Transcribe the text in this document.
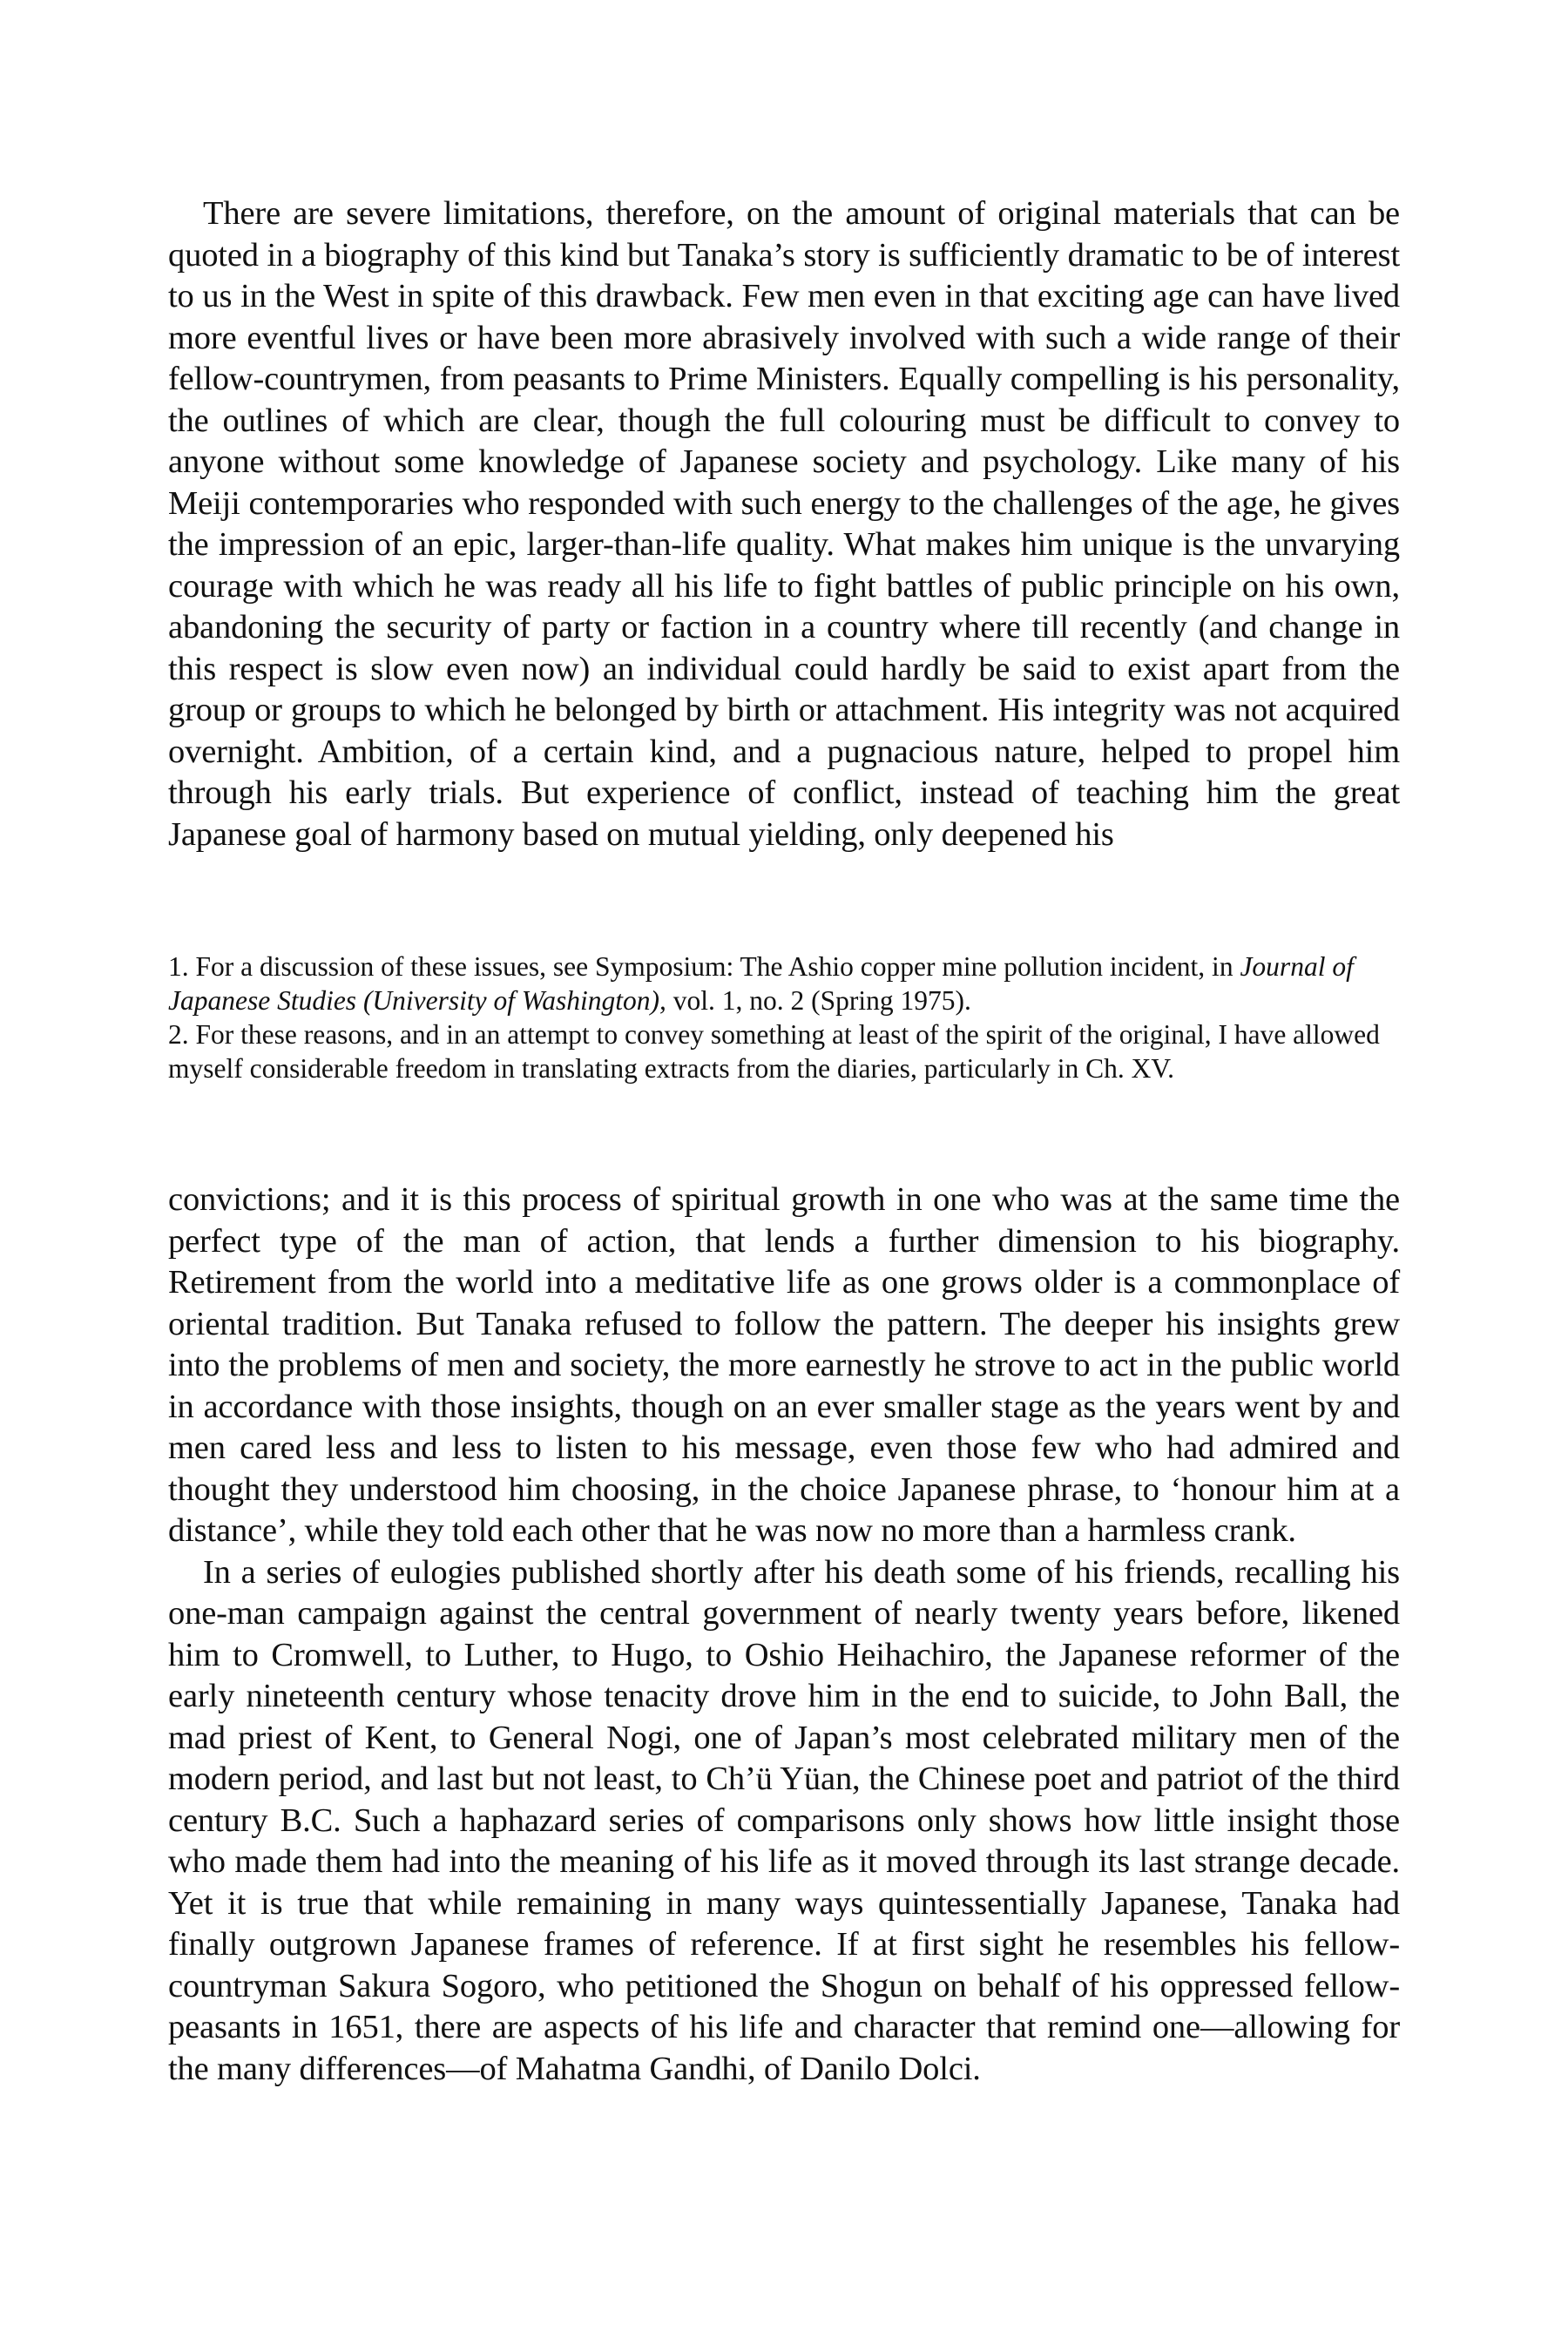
There are severe limitations, therefore, on the amount of original materials that can be quoted in a biography of this kind but Tanaka’s story is sufficiently dramatic to be of interest to us in the West in spite of this drawback. Few men even in that exciting age can have lived more eventful lives or have been more abrasively involved with such a wide range of their fellow-countrymen, from peasants to Prime Ministers. Equally compelling is his personality, the outlines of which are clear, though the full colouring must be difficult to convey to anyone without some knowledge of Japanese society and psychology. Like many of his Meiji contemporaries who responded with such energy to the challenges of the age, he gives the impression of an epic, larger-than-life quality. What makes him unique is the unvarying courage with which he was ready all his life to fight battles of public principle on his own, abandoning the security of party or faction in a country where till recently (and change in this respect is slow even now) an individual could hardly be said to exist apart from the group or groups to which he belonged by birth or attachment. His integrity was not acquired overnight. Ambition, of a certain kind, and a pugnacious nature, helped to propel him through his early trials. But experience of conflict, instead of teaching him the great Japanese goal of harmony based on mutual yielding, only deepened his

1. For a discussion of these issues, see Symposium: The Ashio copper mine pollution incident, in Journal of Japanese Studies (University of Washington), vol. 1, no. 2 (Spring 1975).

2. For these reasons, and in an attempt to convey something at least of the spirit of the original, I have allowed myself considerable freedom in translating extracts from the diaries, particularly in Ch. XV.

convictions; and it is this process of spiritual growth in one who was at the same time the perfect type of the man of action, that lends a further dimension to his biography. Retirement from the world into a meditative life as one grows older is a commonplace of oriental tradition. But Tanaka refused to follow the pattern. The deeper his insights grew into the problems of men and society, the more earnestly he strove to act in the public world in accordance with those insights, though on an ever smaller stage as the years went by and men cared less and less to listen to his message, even those few who had admired and thought they understood him choosing, in the choice Japanese phrase, to ‘honour him at a distance’, while they told each other that he was now no more than a harmless crank.

In a series of eulogies published shortly after his death some of his friends, recalling his one-man campaign against the central government of nearly twenty years before, likened him to Cromwell, to Luther, to Hugo, to Oshio Heihachiro, the Japanese reformer of the early nineteenth century whose tenacity drove him in the end to suicide, to John Ball, the mad priest of Kent, to General Nogi, one of Japan’s most celebrated military men of the modern period, and last but not least, to Ch’ü Yüan, the Chinese poet and patriot of the third century B.C. Such a haphazard series of comparisons only shows how little insight those who made them had into the meaning of his life as it moved through its last strange decade. Yet it is true that while remaining in many ways quintessentially Japanese, Tanaka had finally outgrown Japanese frames of reference. If at first sight he resembles his fellow-countryman Sakura Sogoro, who petitioned the Shogun on behalf of his oppressed fellow-peasants in 1651, there are aspects of his life and character that remind one—allowing for the many differences—of Mahatma Gandhi, of Danilo Dolci.
